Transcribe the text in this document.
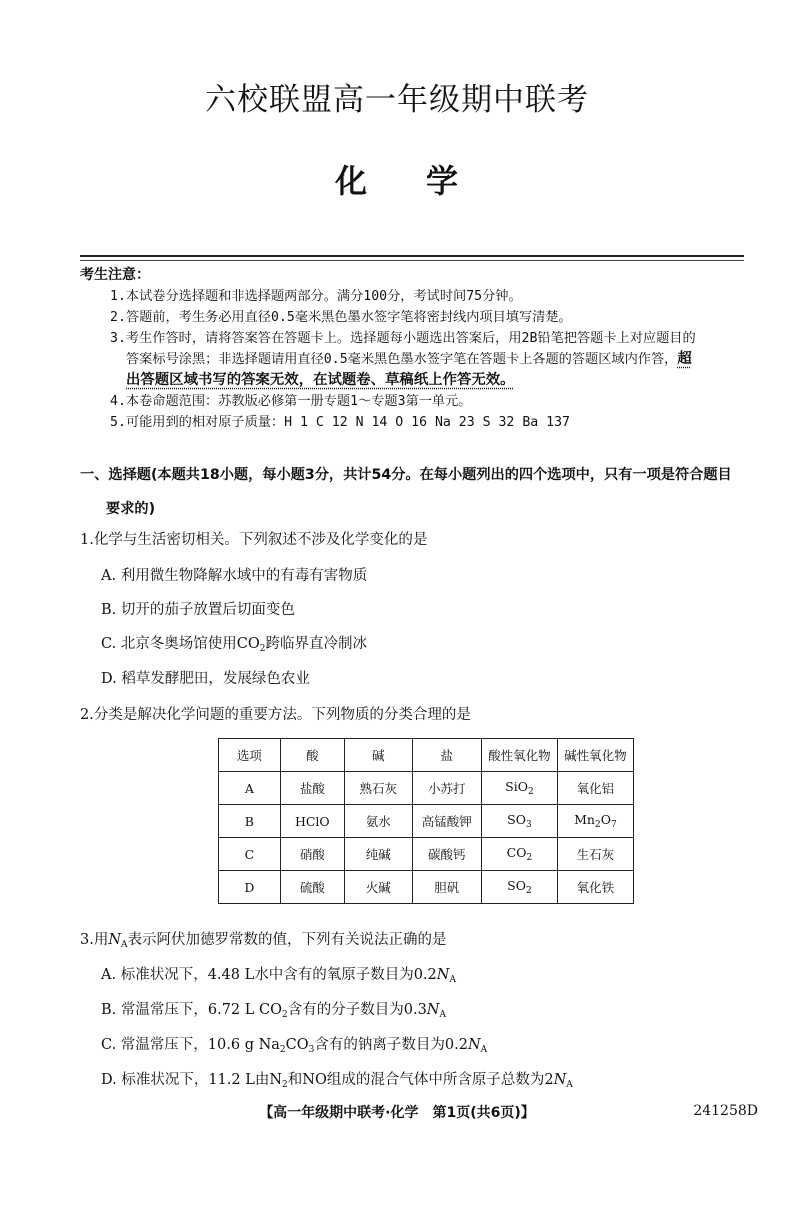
六校联盟高一年级期中联考
化 学
考生注意：
1.本试卷分选择题和非选择题两部分。满分100分，考试时间75分钟。
2.答题前，考生务必用直径0.5毫米黑色墨水签字笔将密封线内项目填写清楚。
3.考生作答时，请将答案答在答题卡上。选择题每小题选出答案后，用2B铅笔把答题卡上对应题目的
答案标号涂黑；非选择题请用直径0.5毫米黑色墨水签字笔在答题卡上各题的答题区域内作答，超
出答题区域书写的答案无效，在试题卷、草稿纸上作答无效。
4.本卷命题范围：苏教版必修第一册专题1～专题3第一单元。
5.可能用到的相对原子质量：H 1 C 12 N 14 O 16 Na 23 S 32 Ba 137
一、选择题(本题共18小题，每小题3分，共计54分。在每小题列出的四个选项中，只有一项是符合题目
要求的)
1.化学与生活密切相关。下列叙述不涉及化学变化的是
A. 利用微生物降解水域中的有毒有害物质
B. 切开的茄子放置后切面变色
C. 北京冬奥场馆使用$CO_2$跨临界直冷制冰
D. 稻草发酵肥田，发展绿色农业
2.分类是解决化学问题的重要方法。下列物质的分类合理的是
选项	酸	碱	盐	酸性氧化物	碱性氧化物
A	盐酸	熟石灰	小苏打	SiO$_2$	氧化铝
B	HClO	氨水	高锰酸钾	$SO_3$	$Mn_2O_7$
C	硝酸	纯碱	碳酸钙	$CO_2$	生石灰
D	硫酸	火碱	胆矾	$SO_2$	氧化铁
3.用$N_A$表示阿伏加德罗常数的值，下列有关说法正确的是
A. 标准状况下，4.48 L水中含有的氧原子数目为$0.2N_A$
B. 常温常压下，6.72 L $CO_2$含有的分子数目为$0.3N_A$
C. 常温常压下，10.6 g $Na_2CO_3$含有的钠离子数目为$0.2N_A$
D. 标准状况下，11.2 L由$N_2$和NO组成的混合气体中所含原子总数为$2N_A$
【高一年级期中联考·化学　第1页(共6页)】	241258D
